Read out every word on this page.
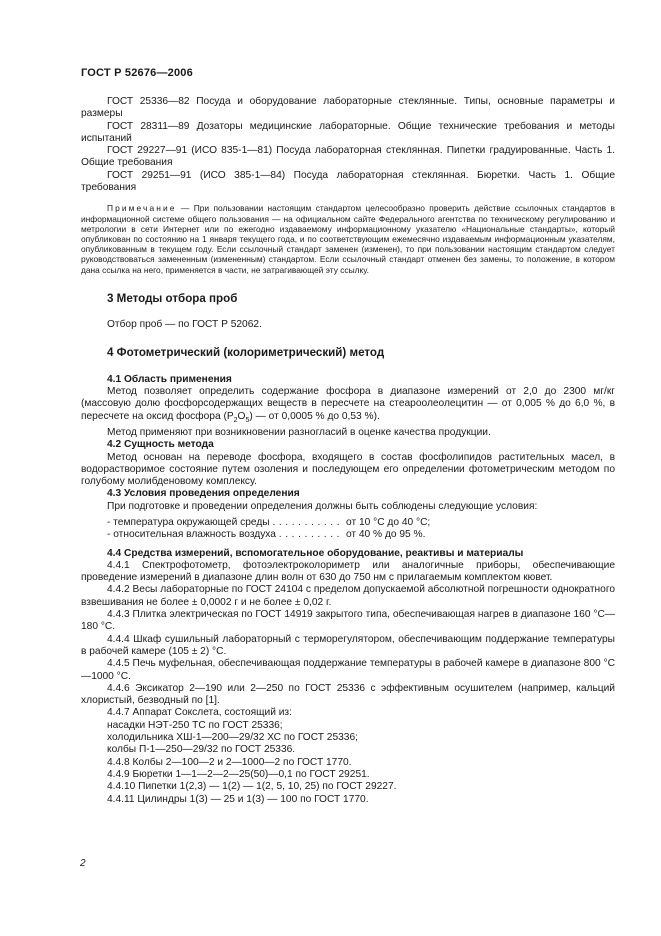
ГОСТ Р 52676—2006

ГОСТ 25336—82 Посуда и оборудование лабораторные стеклянные. Типы, основные параметры и размеры

ГОСТ 28311—89 Дозаторы медицинские лабораторные. Общие технические требования и методы испытаний

ГОСТ 29227—91 (ИСО 835-1—81) Посуда лабораторная стеклянная. Пипетки градуированные. Часть 1. Общие требования

ГОСТ 29251—91 (ИСО 385-1—84) Посуда лабораторная стеклянная. Бюретки. Часть 1. Общие требования

Примечание — При пользовании настоящим стандартом целесообразно проверить действие ссылочных стандартов в информационной системе общего пользования — на официальном сайте Федерального агентства по техническому регулированию и метрологии в сети Интернет или по ежегодно издаваемому информационному указателю «Национальные стандарты», который опубликован по состоянию на 1 января текущего года, и по соответствующим ежемесячно издаваемым информационным указателям, опубликованным в текущем году. Если ссылочный стандарт заменен (изменен), то при пользовании настоящим стандартом следует руководствоваться замененным (измененным) стандартом. Если ссылочный стандарт отменен без замены, то положение, в котором дана ссылка на него, применяется в части, не затрагивающей эту ссылку.

3 Методы отбора проб

Отбор проб — по ГОСТ Р 52062.

4 Фотометрический (колориметрический) метод

4.1 Область применения

Метод позволяет определить содержание фосфора в диапазоне измерений от 2,0 до 2300 мг/кг (массовую долю фосфорсодержащих веществ в пересчете на стеароолеолецитин — от 0,005 % до 6,0 %, в пересчете на оксид фосфора $(P_2O_5)$ — от 0,0005 % до 0,53 %).

Метод применяют при возникновении разногласий в оценке качества продукции.

4.2 Сущность метода

Метод основан на переводе фосфора, входящего в состав фосфолипидов растительных масел, в водорастворимое состояние путем озоления и последующем его определении фотометрическим методом по голубому молибденовому комплексу.

4.3 Условия проведения определения

При подготовке и проведении определения должны быть соблюдены следующие условия:

- температура окружающей среды ........... от 10 °С до 40 °С;

- относительная влажность воздуха .......... от 40 % до 95 %.

4.4 Средства измерений, вспомогательное оборудование, реактивы и материалы

4.4.1 Спектрофотометр, фотоэлектроколориметр или аналогичные приборы, обеспечивающие проведение измерений в диапазоне длин волн от 630 до 750 нм с прилагаемым комплектом кювет.

4.4.2 Весы лабораторные по ГОСТ 24104 с пределом допускаемой абсолютной погрешности однократного взвешивания не более ± 0,0002 г и не более ± 0,02 г.

4.4.3 Плитка электрическая по ГОСТ 14919 закрытого типа, обеспечивающая нагрев в диапазоне 160 °С—180 °С.

4.4.4 Шкаф сушильный лабораторный с терморегулятором, обеспечивающим поддержание температуры в рабочей камере (105 ± 2) °С.

4.4.5 Печь муфельная, обеспечивающая поддержание температуры в рабочей камере в диапазоне 800 °С—1000 °С.

4.4.6 Эксикатор 2—190 или 2—250 по ГОСТ 25336 с эффективным осушителем (например, кальций хлористый, безводный по [1].

4.4.7 Аппарат Сокслета, состоящий из:

насадки НЭТ-250 ТС по ГОСТ 25336;

холодильника ХШ-1—200—29/32 ХС по ГОСТ 25336;

колбы П-1—250—29/32 по ГОСТ 25336.

4.4.8 Колбы 2—100—2 и 2—1000—2 по ГОСТ 1770.

4.4.9 Бюретки 1—1—2—2—25(50)—0,1 по ГОСТ 29251.

4.4.10 Пипетки 1(2,3) — 1(2) — 1(2, 5, 10, 25) по ГОСТ 29227.

4.4.11 Цилиндры 1(3) — 25 и 1(3) — 100 по ГОСТ 1770.

2
